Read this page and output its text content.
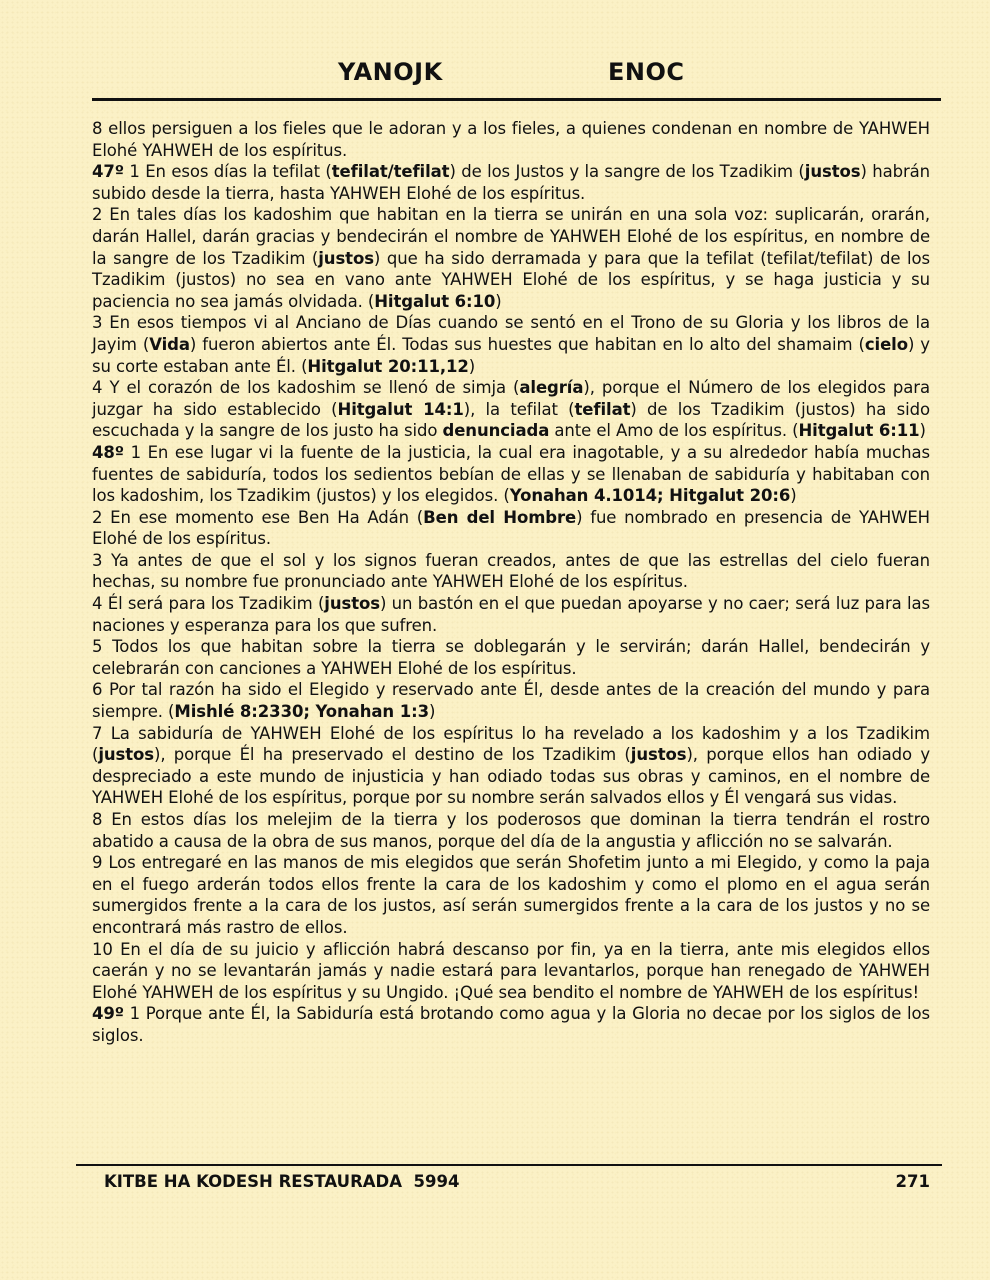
YANOJK	ENOC

8 ellos persiguen a los fieles que le adoran y a los fieles, a quienes condenan en nombre de YAHWEH Elohé YAHWEH de los espíritus.

47º 1 En esos días la tefilat (tefilat/tefilat) de los Justos y la sangre de los Tzadikim (justos) habrán subido desde la tierra, hasta YAHWEH Elohé de los espíritus.

2 En tales días los kadoshim que habitan en la tierra se unirán en una sola voz: suplicarán, orarán, darán Hallel, darán gracias y bendecirán el nombre de YAHWEH Elohé de los espíritus, en nombre de la sangre de los Tzadikim (justos) que ha sido derramada y para que la tefilat (tefilat/tefilat) de los Tzadikim (justos) no sea en vano ante YAHWEH Elohé de los espíritus, y se haga justicia y su paciencia no sea jamás olvidada. (Hitgalut 6:10)

3 En esos tiempos vi al Anciano de Días cuando se sentó en el Trono de su Gloria y los libros de la Jayim (Vida) fueron abiertos ante Él. Todas sus huestes que habitan en lo alto del shamaim (cielo) y su corte estaban ante Él. (Hitgalut 20:11,12)

4 Y el corazón de los kadoshim se llenó de simja (alegría), porque el Número de los elegidos para juzgar ha sido establecido (Hitgalut 14:1), la tefilat (tefilat) de los Tzadikim (justos) ha sido escuchada y la sangre de los justo ha sido denunciada ante el Amo de los espíritus. (Hitgalut 6:11)

48º 1 En ese lugar vi la fuente de la justicia, la cual era inagotable, y a su alrededor había muchas fuentes de sabiduría, todos los sedientos bebían de ellas y se llenaban de sabiduría y habitaban con los kadoshim, los Tzadikim (justos) y los elegidos. (Yonahan 4.1014; Hitgalut 20:6)

2 En ese momento ese Ben Ha Adán (Ben del Hombre) fue nombrado en presencia de YAHWEH Elohé de los espíritus.

3 Ya antes de que el sol y los signos fueran creados, antes de que las estrellas del cielo fueran hechas, su nombre fue pronunciado ante YAHWEH Elohé de los espíritus.

4 Él será para los Tzadikim (justos) un bastón en el que puedan apoyarse y no caer; será luz para las naciones y esperanza para los que sufren.

5 Todos los que habitan sobre la tierra se doblegarán y le servirán; darán Hallel, bendecirán y celebrarán con canciones a YAHWEH Elohé de los espíritus.

6 Por tal razón ha sido el Elegido y reservado ante Él, desde antes de la creación del mundo y para siempre. (Mishlé 8:2330; Yonahan 1:3)

7 La sabiduría de YAHWEH Elohé de los espíritus lo ha revelado a los kadoshim y a los Tzadikim (justos), porque Él ha preservado el destino de los Tzadikim (justos), porque ellos han odiado y despreciado a este mundo de injusticia y han odiado todas sus obras y caminos, en el nombre de YAHWEH Elohé de los espíritus, porque por su nombre serán salvados ellos y Él vengará sus vidas.

8 En estos días los melejim de la tierra y los poderosos que dominan la tierra tendrán el rostro abatido a causa de la obra de sus manos, porque del día de la angustia y aflicción no se salvarán.

9 Los entregaré en las manos de mis elegidos que serán Shofetim junto a mi Elegido, y como la paja en el fuego arderán todos ellos frente la cara de los kadoshim y como el plomo en el agua serán sumergidos frente a la cara de los justos, así serán sumergidos frente a la cara de los justos y no se encontrará más rastro de ellos.

10 En el día de su juicio y aflicción habrá descanso por fin, ya en la tierra, ante mis elegidos ellos caerán y no se levantarán jamás y nadie estará para levantarlos, porque han renegado de YAHWEH Elohé YAHWEH de los espíritus y su Ungido. ¡Qué sea bendito el nombre de YAHWEH de los espíritus!

49º 1 Porque ante Él, la Sabiduría está brotando como agua y la Gloria no decae por los siglos de los siglos.

KITBE HA KODESH RESTAURADA  5994	271
